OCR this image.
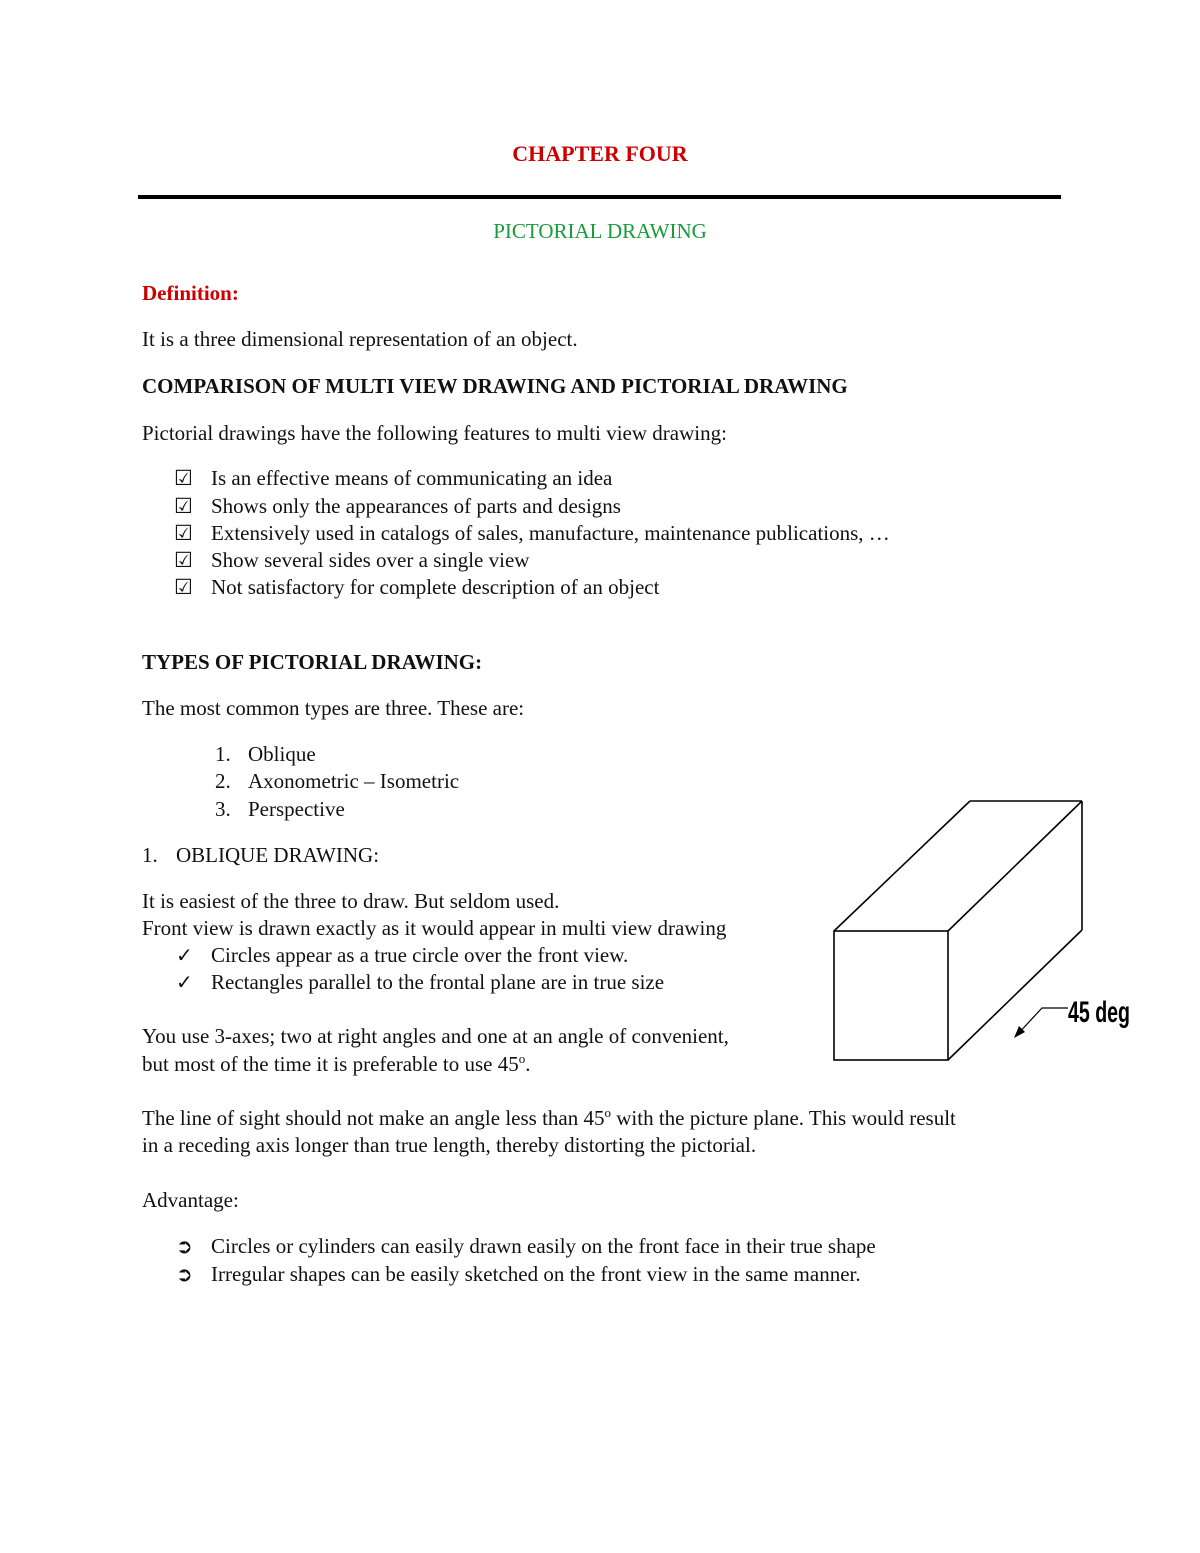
CHAPTER FOUR
PICTORIAL DRAWING
Definition:
It is a three dimensional representation of an object.
COMPARISON OF MULTI VIEW DRAWING AND PICTORIAL DRAWING
Pictorial drawings have the following features to multi view drawing:
☑ Is an effective means of communicating an idea
☑ Shows only the appearances of parts and designs
☑ Extensively used in catalogs of sales, manufacture, maintenance publications, …
☑ Show several sides over a single view
☑ Not satisfactory for complete description of an object
TYPES OF PICTORIAL DRAWING:
The most common types are three. These are:
1. Oblique
2. Axonometric – Isometric
3. Perspective
1. OBLIQUE DRAWING:
It is easiest of the three to draw. But seldom used.
Front view is drawn exactly as it would appear in multi view drawing
✓ Circles appear as a true circle over the front view.
✓ Rectangles parallel to the frontal plane are in true size
You use 3-axes; two at right angles and one at an angle of convenient,
but most of the time it is preferable to use 45$^o$.
The line of sight should not make an angle less than 45$^o$ with the picture plane. This would result
in a receding axis longer than true length, thereby distorting the pictorial.
Advantage:
➲ Circles or cylinders can easily drawn easily on the front face in their true shape
➲ Irregular shapes can be easily sketched on the front view in the same manner.
45 deg
